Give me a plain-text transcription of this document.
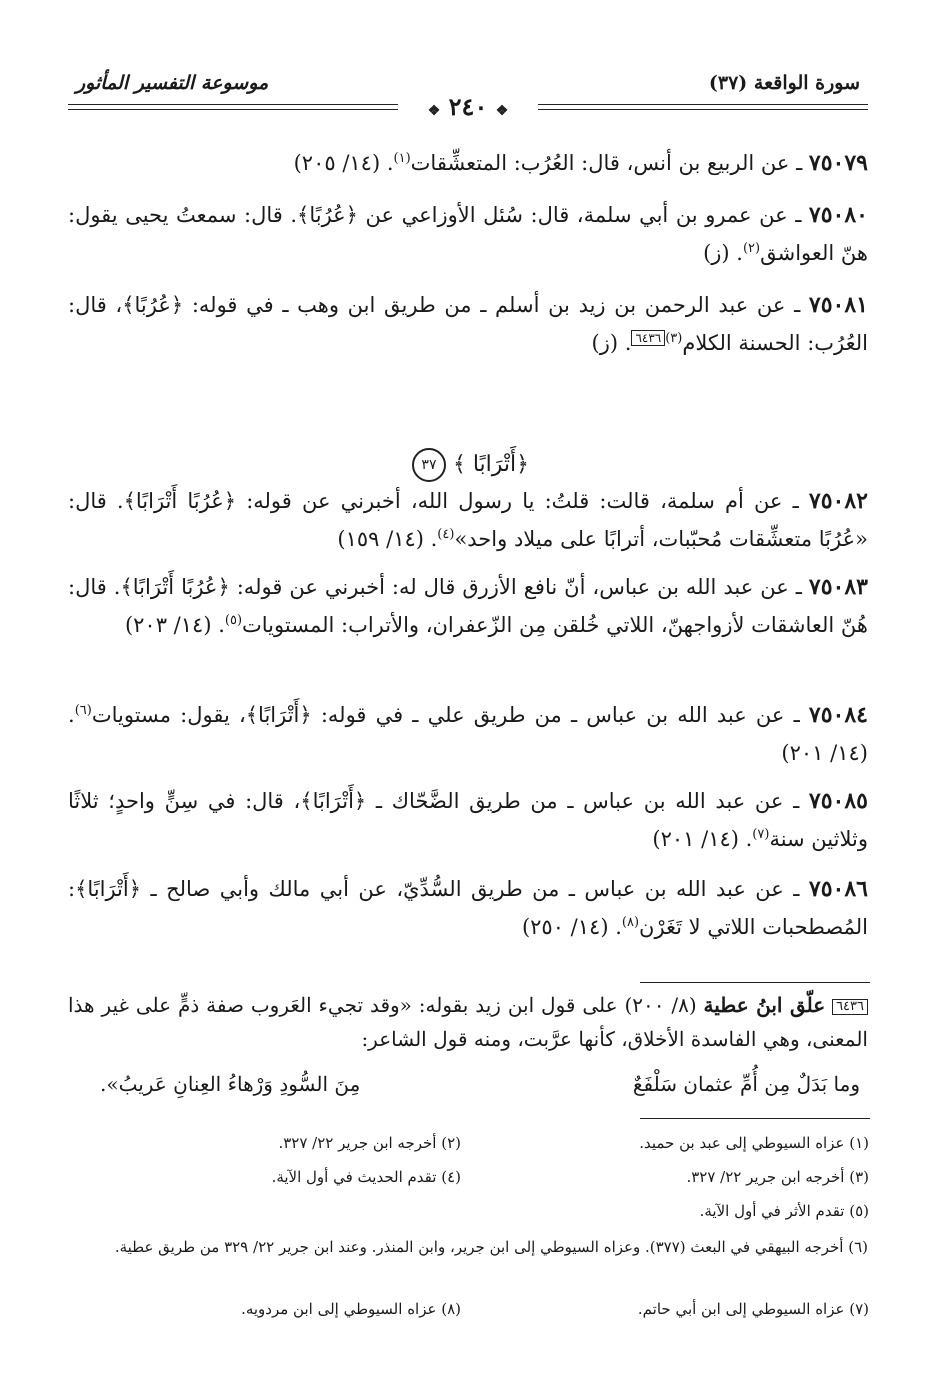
موسوعة التفسير المأثور	سورة الواقعة (٣٧)
❖ ٢٤٠ ❖
٧٥٠٧٩ ـ عن الربيع بن أنس، قال: العُرُب: المتعشِّقات$^{(١)}$. (١٤/ ٢٠٥)
٧٥٠٨٠ ـ عن عمرو بن أبي سلمة، قال: سُئل الأوزاعي عن ﴿عُرُبًا﴾. قال: سمعتُ يحيى يقول: هنّ العواشق$^{(٢)}$. (ز)
٧٥٠٨١ ـ عن عبد الرحمن بن زيد بن أسلم ـ من طريق ابن وهب ـ في قوله: ﴿عُرُبًا﴾، قال: العُرُب: الحسنة الكلام$^{(٣)}$٦٤٣٦. (ز)
﴿أَتْرَابًا ﴾ ٣٧
٧٥٠٨٢ ـ عن أم سلمة، قالت: قلتُ: يا رسول الله، أخبرني عن قوله: ﴿عُرُبًا أَتْرَابًا﴾. قال: «عُرُبًا متعشِّقات مُحبّبات، أترابًا على ميلاد واحد»$^{(٤)}$. (١٤/ ١٥٩)
٧٥٠٨٣ ـ عن عبد الله بن عباس، أنّ نافع الأزرق قال له: أخبرني عن قوله: ﴿عُرُبًا أَتْرَابًا﴾. قال: هُنّ العاشقات لأزواجهنّ، اللاتي خُلقن مِن الزّعفران، والأتراب: المستويات$^{(٥)}$. (١٤/ ٢٠٣)
٧٥٠٨٤ ـ عن عبد الله بن عباس ـ من طريق علي ـ في قوله: ﴿أَتْرَابًا﴾، يقول: مستويات$^{(٦)}$. (١٤/ ٢٠١)
٧٥٠٨٥ ـ عن عبد الله بن عباس ـ من طريق الضَّحّاك ـ ﴿أَتْرَابًا﴾، قال: في سِنٍّ واحدٍ؛ ثلاثًا وثلاثين سنة$^{(٧)}$. (١٤/ ٢٠١)
٧٥٠٨٦ ـ عن عبد الله بن عباس ـ من طريق السُّدِّيّ، عن أبي مالك وأبي صالح ـ ﴿أَتْرَابًا﴾: المُصطحبات اللاتي لا تَغَرْن$^{(٨)}$. (١٤/ ٢٥٠)
٦٤٣٦ علّق ابنُ عطية (٨/ ٢٠٠) على قول ابن زيد بقوله: «وقد تجيء العَروب صفة ذمٍّ على غير هذا المعنى، وهي الفاسدة الأخلاق، كأنها عرَّبت، ومنه قول الشاعر:
وما بَدَلٌ مِن أُمِّ عثمان سَلْفَعٌ
مِنَ السُّودِ وَرْهاءُ العِنانِ عَريبُ».
(١) عزاه السيوطي إلى عبد بن حميد.
(٢) أخرجه ابن جرير ٢٢/ ٣٢٧.
(٣) أخرجه ابن جرير ٢٢/ ٣٢٧.
(٤) تقدم الحديث في أول الآية.
(٥) تقدم الأثر في أول الآية.
(٦) أخرجه البيهقي في البعث (٣٧٧). وعزاه السيوطي إلى ابن جرير، وابن المنذر. وعند ابن جرير ٢٢/ ٣٢٩ من طريق عطية.
(٧) عزاه السيوطي إلى ابن أبي حاتم.
(٨) عزاه السيوطي إلى ابن مردويه.
